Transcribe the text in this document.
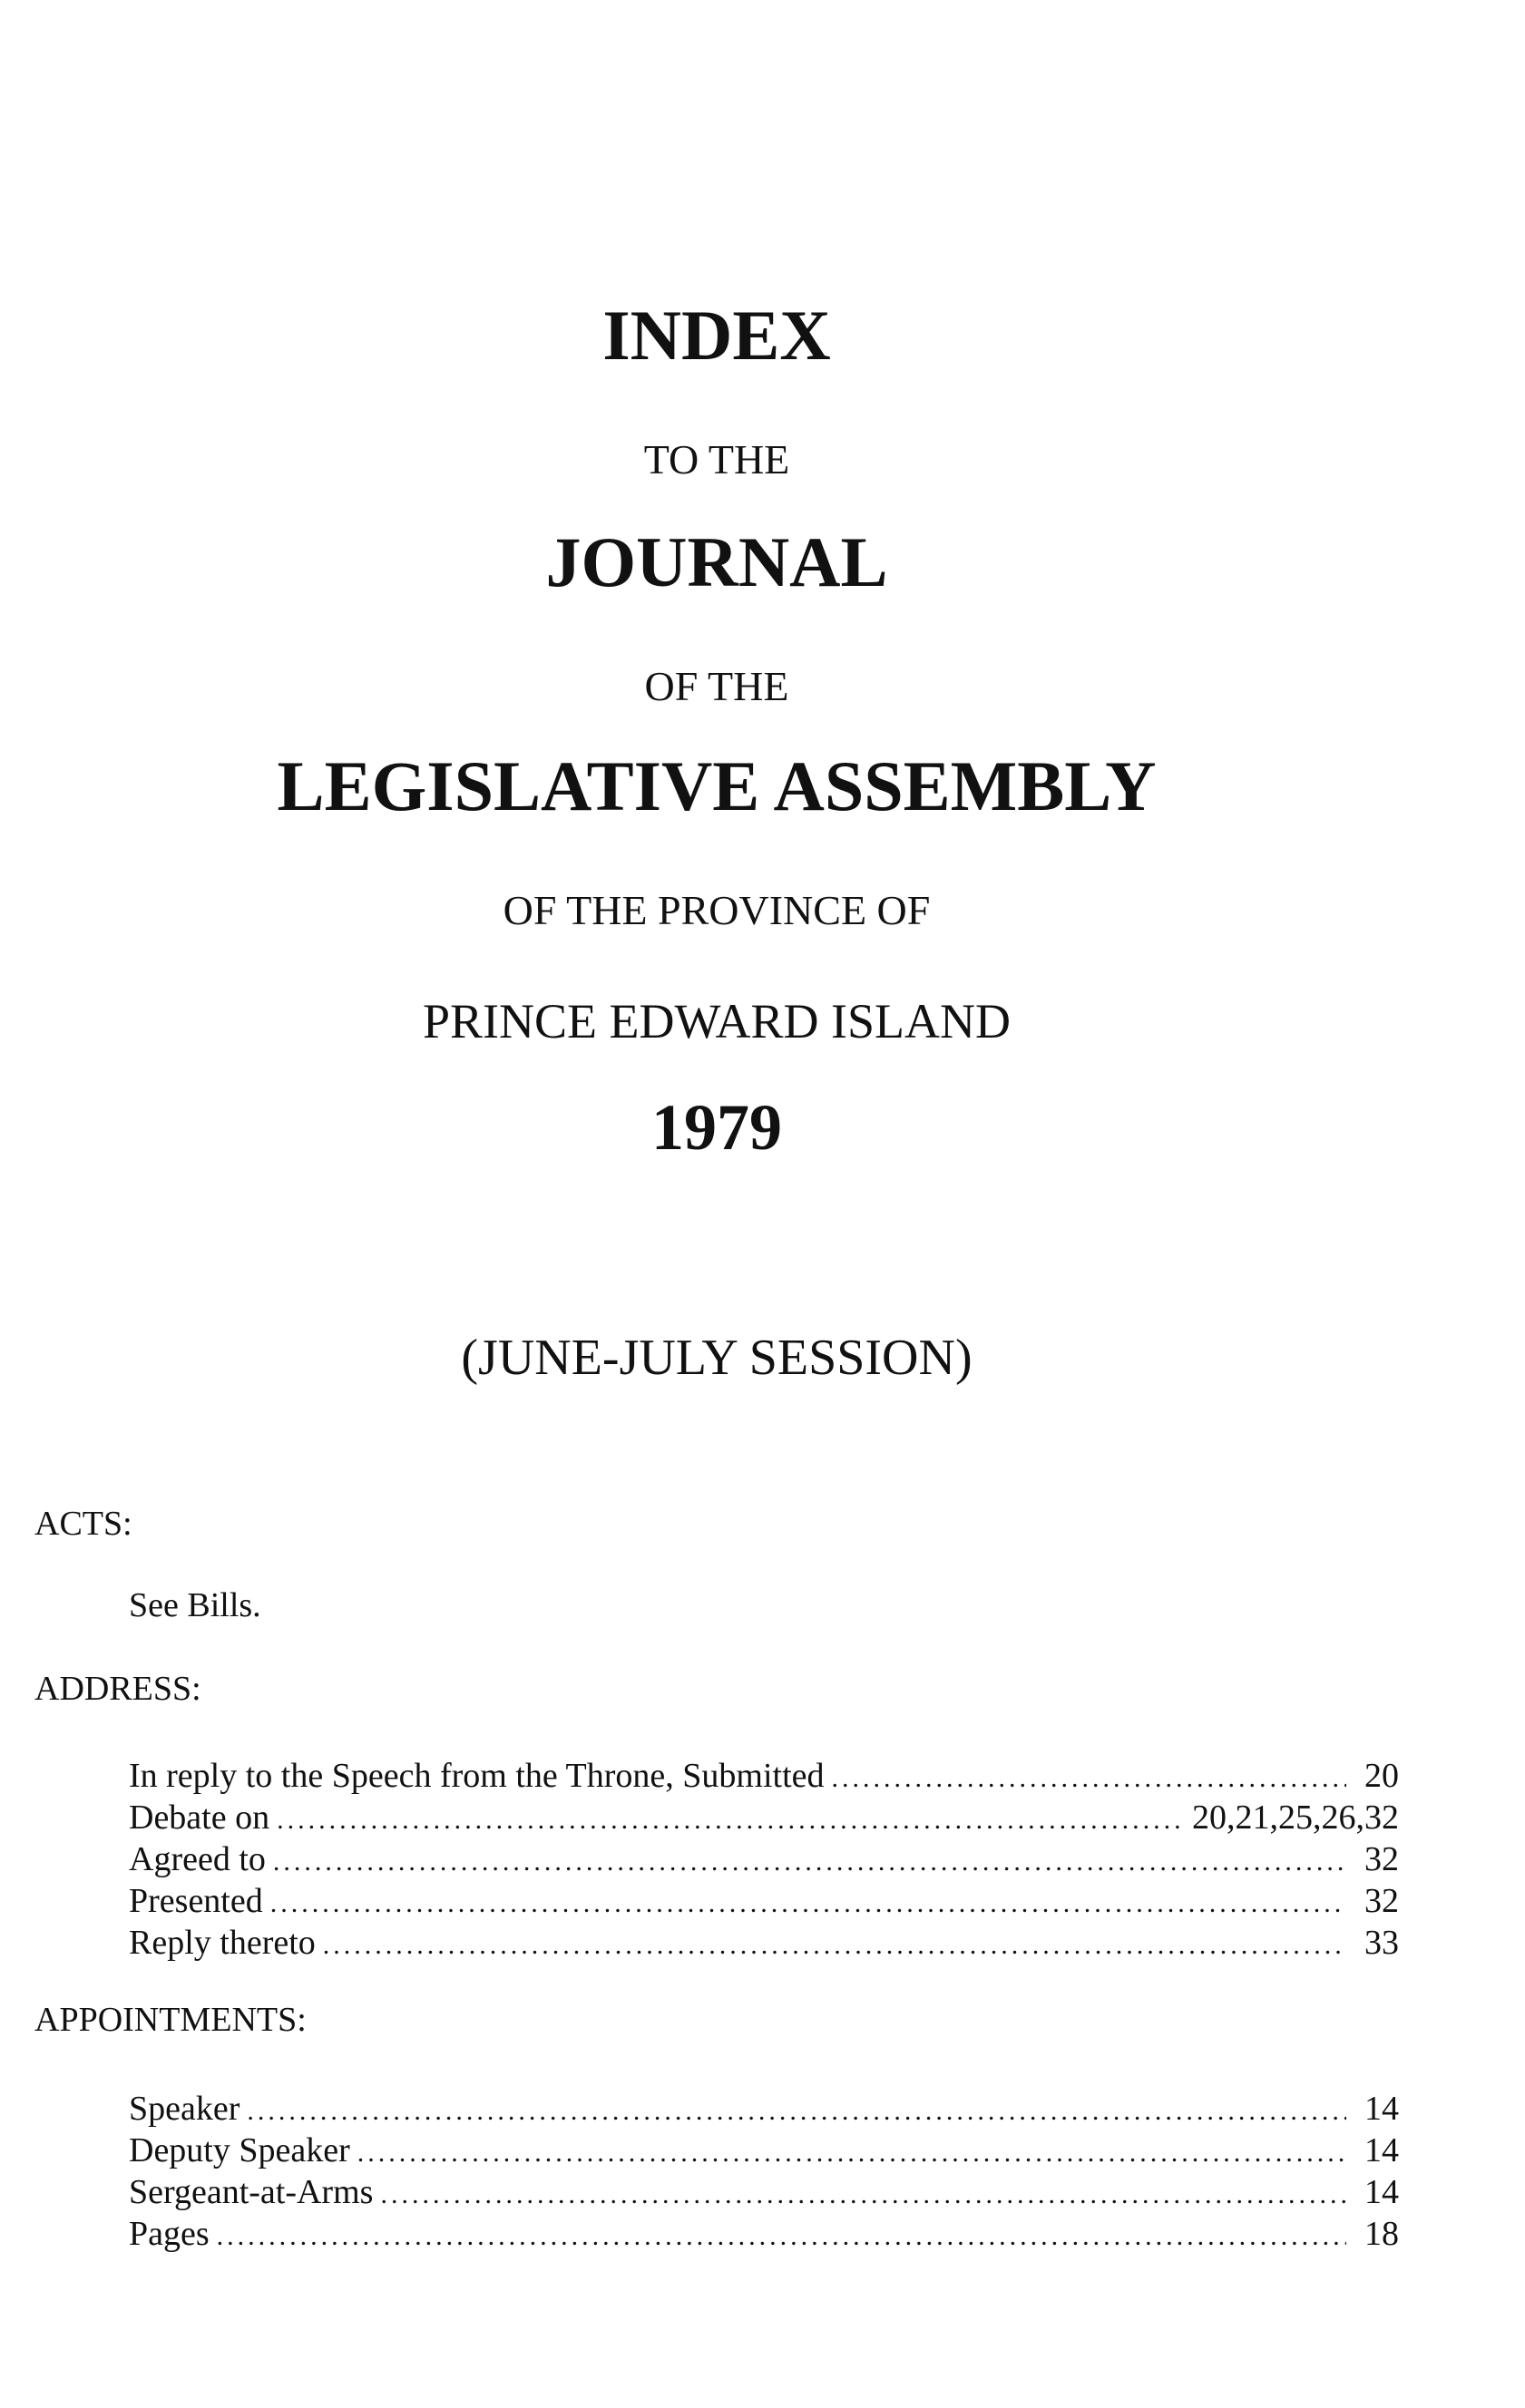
INDEX
TO THE
JOURNAL
OF THE
LEGISLATIVE ASSEMBLY
OF THE PROVINCE OF
PRINCE EDWARD ISLAND
1979
(JUNE-JULY SESSION)
ACTS:
See Bills.
ADDRESS:
In reply to the Speech from the Throne, Submitted .....	20
Debate on .....	20,21,25,26,32
Agreed to .....	32
Presented .....	32
Reply thereto .....	33
APPOINTMENTS:
Speaker .....	14
Deputy Speaker .....	14
Sergeant-at-Arms .....	14
Pages .....	18
